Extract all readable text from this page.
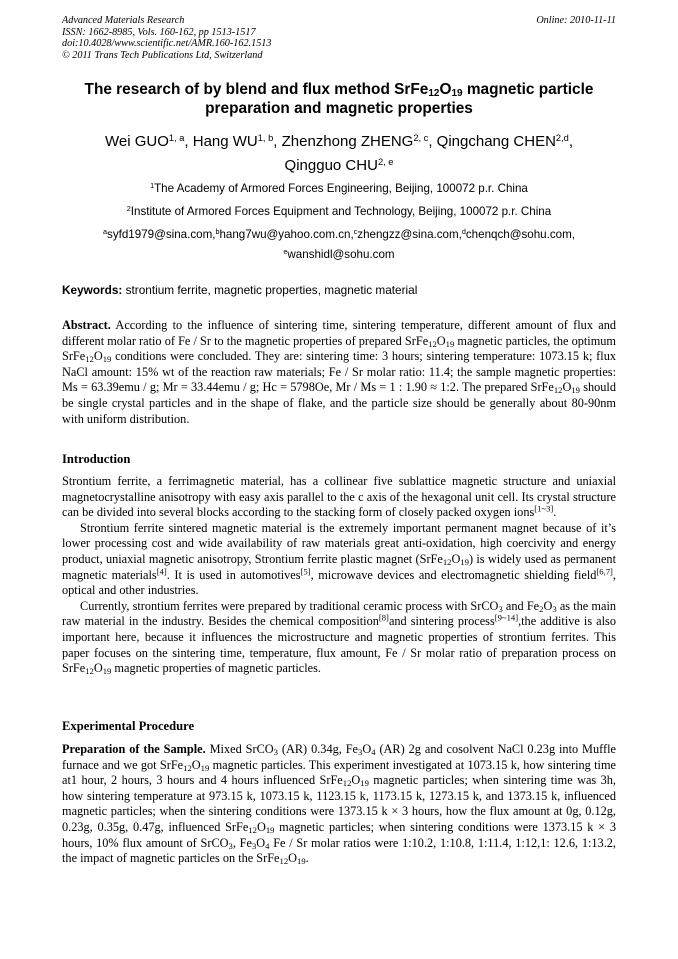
Advanced Materials Research
ISSN: 1662-8985, Vols. 160-162, pp 1513-1517
doi:10.4028/www.scientific.net/AMR.160-162.1513
© 2011 Trans Tech Publications Ltd, Switzerland
Online: 2010-11-11
The research of by blend and flux method $SrFe_{12}O_{19}$ magnetic particle
preparation and magnetic properties
Wei GUO$^{1, a}$, Hang WU$^{1, b}$, Zhenzhong ZHENG$^{2, c}$, Qingchang CHEN$^{2,d}$,
Qingguo CHU$^{2, e}$
$^1$The Academy of Armored Forces Engineering, Beijing, 100072 p.r. China
$^2$Institute of Armored Forces Equipment and Technology, Beijing, 100072 p.r. China
$^a$syfd1979@sina.com,$^b$hang7wu@yahoo.com.cn,$^c$zhengzz@sina.com,$^d$chenqch@sohu.com,
$^e$wanshidl@sohu.com
Keywords: strontium ferrite, magnetic properties, magnetic material

Abstract. According to the influence of sintering time, sintering temperature, different amount of flux and different molar ratio of Fe / Sr to the magnetic properties of prepared $SrFe_{12}O_{19}$ magnetic particles, the optimum $SrFe_{12}O_{19}$ conditions were concluded. They are: sintering time: 3 hours; sintering temperature: 1073.15 k; flux NaCl amount: 15% wt of the reaction raw materials; Fe / Sr molar ratio: 11.4; the sample magnetic properties: Ms = 63.39emu / g; Mr = 33.44emu / g; Hc = 5798Oe, Mr / Ms = 1 : 1.90 ≈ 1:2. The prepared $SrFe_{12}O_{19}$ should be single crystal particles and in the shape of flake, and the particle size should be generally about 80-90nm with uniform distribution.

Introduction

Strontium ferrite, a ferrimagnetic material, has a collinear five sublattice magnetic structure and uniaxial magnetocrystalline anisotropy with easy axis parallel to the c axis of the hexagonal unit cell. Its crystal structure can be divided into several blocks according to the stacking form of closely packed oxygen ions[1~3].

Strontium ferrite sintered magnetic material is the extremely important permanent magnet because of it’s lower processing cost and wide availability of raw materials great anti-oxidation, high coercivity and energy product, uniaxial magnetic anisotropy, Strontium ferrite plastic magnet $(SrFe_{12}O_{19})$ is widely used as permanent magnetic materials[4]. It is used in automotives[5], microwave devices and electromagnetic shielding field[6,7], optical and other industries.

Currently, strontium ferrites were prepared by traditional ceramic process with SrCO$_3$ and $Fe_2O_3$ as the main raw material in the industry. Besides the chemical composition[8]and sintering process[9~14],the additive is also important here, because it influences the microstructure and magnetic properties of strontium ferrites. This paper focuses on the sintering time, temperature, flux amount, Fe / Sr molar ratio of preparation process on $SrFe_{12}O_{19}$ magnetic properties of magnetic particles.

Experimental Procedure

Preparation of the Sample. Mixed SrCO$_3$ (AR) 0.34g, $Fe_3O_4$ (AR) 2g and cosolvent NaCl 0.23g into Muffle furnace and we got $SrFe_{12}O_{19}$ magnetic particles. This experiment investigated at 1073.15 k, how sintering time at1 hour, 2 hours, 3 hours and 4 hours influenced $SrFe_{12}O_{19}$ magnetic particles; when sintering time was 3h, how sintering temperature at 973.15 k, 1073.15 k, 1123.15 k, 1173.15 k, 1273.15 k, and 1373.15 k, influenced magnetic particles; when the sintering conditions were 1373.15 k × 3 hours, how the flux amount at 0g, 0.12g, 0.23g, 0.35g, 0.47g, influenced $SrFe_{12}O_{19}$ magnetic particles; when sintering conditions were 1373.15 k × 3 hours, 10% flux amount of SrCO$_3$, $Fe_3O_4$ Fe / Sr molar ratios were 1:10.2, 1:10.8, 1:11.4, 1:12,1: 12.6, 1:13.2, the impact of magnetic particles on the $SrFe_{12}O_{19}$.
